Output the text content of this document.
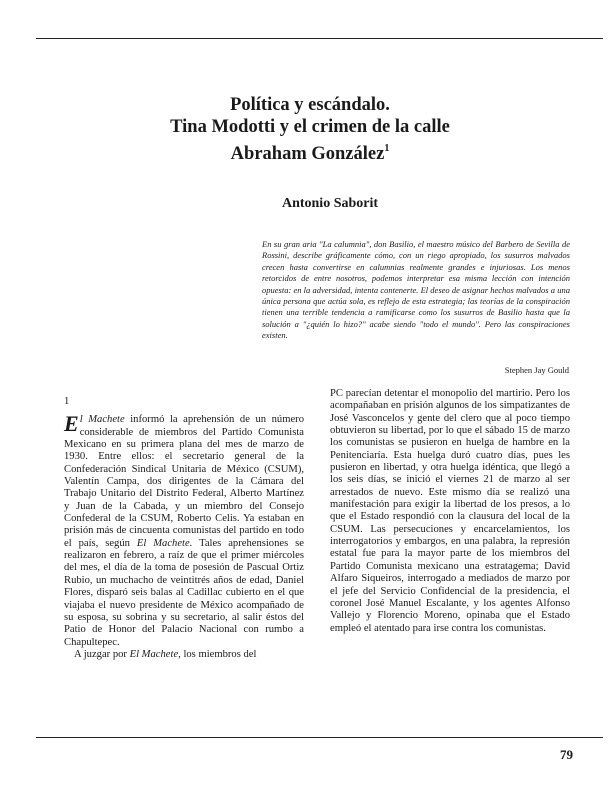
Política y escándalo.
Tina Modotti y el crimen de la calle
Abraham González$^1$
Antonio Saborit
En su gran aria "La calumnia", don Basilio, el maestro músico del Barbero de Sevilla de Rossini, describe gráficamente cómo, con un riego apropiado, los susurros malvados crecen hasta convertirse en calumnias realmente grandes e injuriosas. Los menos retorcidos de entre nosotros, podemos interpretar esa misma lección con intención opuesta: en la adversidad, intenta contenerte. El deseo de asignar hechos malvados a una única persona que actúa sola, es reflejo de esta estrategia; las teorías de la conspiración tienen una terrible tendencia a ramificarse como los susurros de Basilio hasta que la solución a "¿quién lo hizo?" acabe siendo "todo el mundo". Pero las conspiraciones existen.
Stephen Jay Gould
1

El Machete informó la aprehensión de un número considerable de miembros del Partido Comunista Mexicano en su primera plana del mes de marzo de 1930. Entre ellos: el secretario general de la Confederación Sindical Unitaria de México (CSUM), Valentín Campa, dos dirigentes de la Cámara del Trabajo Unitario del Distrito Federal, Alberto Martínez y Juan de la Cabada, y un miembro del Consejo Confederal de la CSUM, Roberto Celis. Ya estaban en prisión más de cincuenta comunistas del partido en todo el país, según El Machete. Tales aprehensiones se realizaron en febrero, a raíz de que el primer miércoles del mes, el día de la toma de posesión de Pascual Ortiz Rubio, un muchacho de veintitrés años de edad, Daniel Flores, disparó seis balas al Cadillac cubierto en el que viajaba el nuevo presidente de México acompañado de su esposa, su sobrina y su secretario, al salir éstos del Patio de Honor del Palacio Nacional con rumbo a Chapultepec.

A juzgar por El Machete, los miembros del

PC parecían detentar el monopolio del martirio. Pero los acompañaban en prisión algunos de los simpatizantes de José Vasconcelos y gente del clero que al poco tiempo obtuvieron su libertad, por lo que el sábado 15 de marzo los comunistas se pusieron en huelga de hambre en la Penitenciaría. Esta huelga duró cuatro días, pues les pusieron en libertad, y otra huelga idéntica, que llegó a los seis días, se inició el viernes 21 de marzo al ser arrestados de nuevo. Este mismo día se realizó una manifestación para exigir la libertad de los presos, a lo que el Estado respondió con la clausura del local de la CSUM. Las persecuciones y encarcelamientos, los interrogatorios y embargos, en una palabra, la represión estatal fue para la mayor parte de los miembros del Partido Comunista mexicano una estratagema; David Alfaro Siqueiros, interrogado a mediados de marzo por el jefe del Servicio Confidencial de la presidencia, el coronel José Manuel Escalante, y los agentes Alfonso Vallejo y Florencio Moreno, opinaba que el Estado empleó el atentado para irse contra los comunistas.

79
